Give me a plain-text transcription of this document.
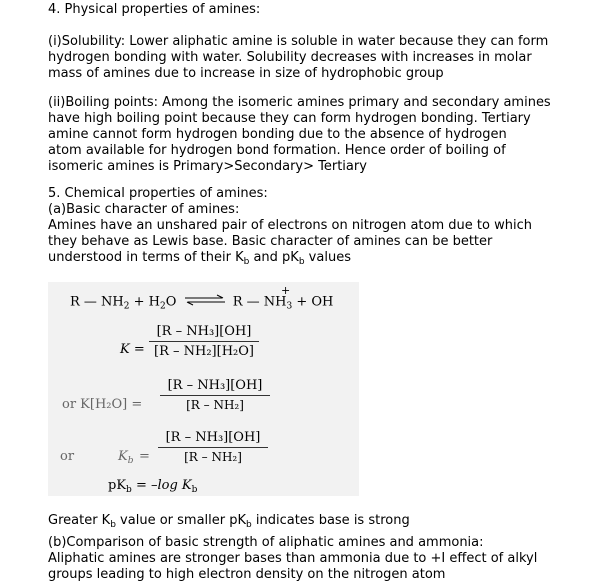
4. Physical properties of amines:

(i)Solubility: Lower aliphatic amine is soluble in water because they can form
hydrogen bonding with water. Solubility decreases with increases in molar
mass of amines due to increase in size of hydrophobic group

(ii)Boiling points: Among the isomeric amines primary and secondary amines
have high boiling point because they can form hydrogen bonding. Tertiary
amine cannot form hydrogen bonding due to the absence of hydrogen
atom available for hydrogen bond formation. Hence order of boiling of
isomeric amines is Primary>Secondary> Tertiary

5. Chemical properties of amines:

(a)Basic character of amines:

Amines have an unshared pair of electrons on nitrogen atom due to which
they behave as Lewis base. Basic character of amines can be better
understood in terms of their $K_b$ and $pK_b$ values

+
R — $NH_2 + H_2O$ ⇌ R — $NH_3$ + OH
K =
[R – NH₃][OH]
[R – NH₂][H₂O]
or K[H₂O] =
[R – NH₃][OH]
[R – NH₂]
or	$K_b$ =
[R – NH₃][OH]
[R – NH₂]
$pK_b = -\log$ $K_b$

Greater $K_b$ value or smaller $pK_b$ indicates base is strong

(b)Comparison of basic strength of aliphatic amines and ammonia:

Aliphatic amines are stronger bases than ammonia due to +I effect of alkyl
groups leading to high electron density on the nitrogen atom
